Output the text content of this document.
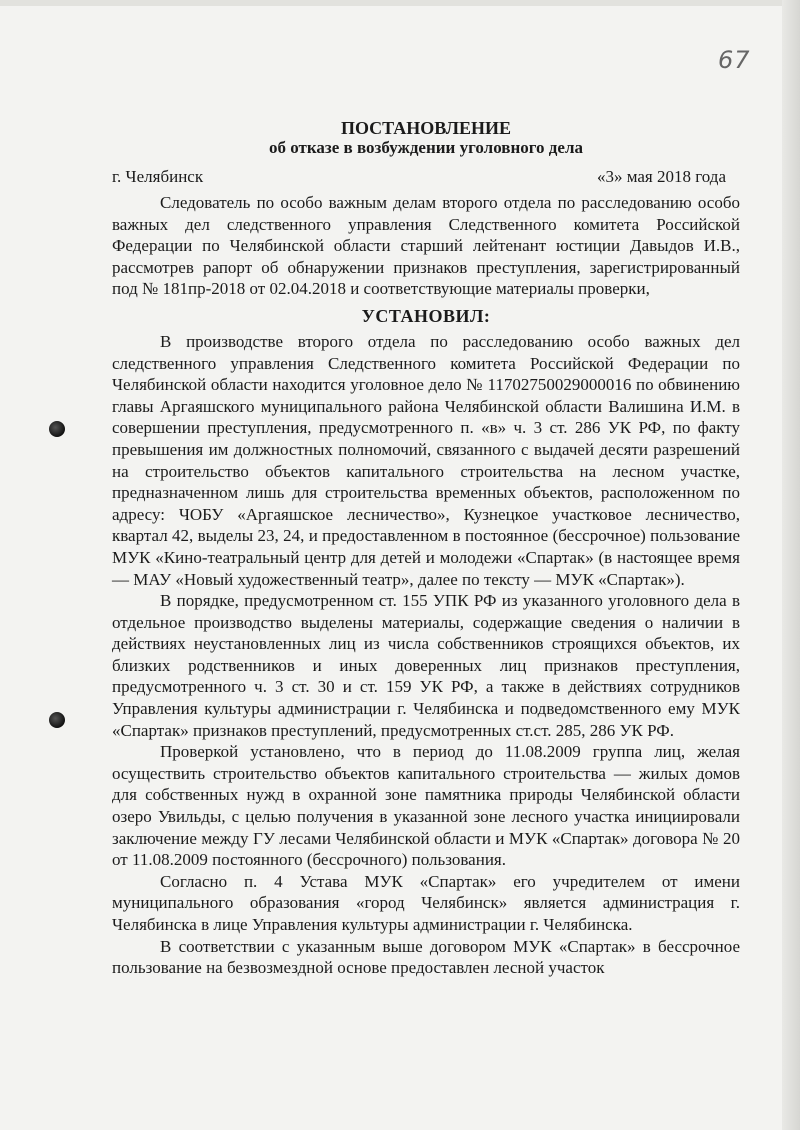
67
ПОСТАНОВЛЕНИЕ
об отказе в возбуждении уголовного дела
г. Челябинск	«3» мая 2018 года

Следователь по особо важным делам второго отдела по расследованию особо важных дел следственного управления Следственного комитета Российской Федерации по Челябинской области старший лейтенант юстиции Давыдов И.В., рассмотрев рапорт об обнаружении признаков преступления, зарегистрированный под № 181пр-2018 от 02.04.2018 и соответствующие материалы проверки,

УСТАНОВИЛ:

В производстве второго отдела по расследованию особо важных дел следственного управления Следственного комитета Российской Федерации по Челябинской области находится уголовное дело № 11702750029000016 по обвинению главы Аргаяшского муниципального района Челябинской области Валишина И.М. в совершении преступления, предусмотренного п. «в» ч. 3 ст. 286 УК РФ, по факту превышения им должностных полномочий, связанного с выдачей десяти разрешений на строительство объектов капитального строительства на лесном участке, предназначенном лишь для строительства временных объектов, расположенном по адресу: ЧОБУ «Аргаяшское лесничество», Кузнецкое участковое лесничество, квартал 42, выделы 23, 24, и предоставленном в постоянное (бессрочное) пользование МУК «Кино-театральный центр для детей и молодежи «Спартак» (в настоящее время — МАУ «Новый художественный театр», далее по тексту — МУК «Спартак»).

В порядке, предусмотренном ст. 155 УПК РФ из указанного уголовного дела в отдельное производство выделены материалы, содержащие сведения о наличии в действиях неустановленных лиц из числа собственников строящихся объектов, их близких родственников и иных доверенных лиц признаков преступления, предусмотренного ч. 3 ст. 30 и ст. 159 УК РФ, а также в действиях сотрудников Управления культуры администрации г. Челябинска и подведомственного ему МУК «Спартак» признаков преступлений, предусмотренных ст.ст. 285, 286 УК РФ.

Проверкой установлено, что в период до 11.08.2009 группа лиц, желая осуществить строительство объектов капитального строительства — жилых домов для собственных нужд в охранной зоне памятника природы Челябинской области озеро Увильды, с целью получения в указанной зоне лесного участка инициировали заключение между ГУ лесами Челябинской области и МУК «Спартак» договора № 20 от 11.08.2009 постоянного (бессрочного) пользования.

Согласно п. 4 Устава МУК «Спартак» его учредителем от имени муниципального образования «город Челябинск» является администрация г. Челябинска в лице Управления культуры администрации г. Челябинска.

В соответствии с указанным выше договором МУК «Спартак» в бессрочное пользование на безвозмездной основе предоставлен лесной участок
